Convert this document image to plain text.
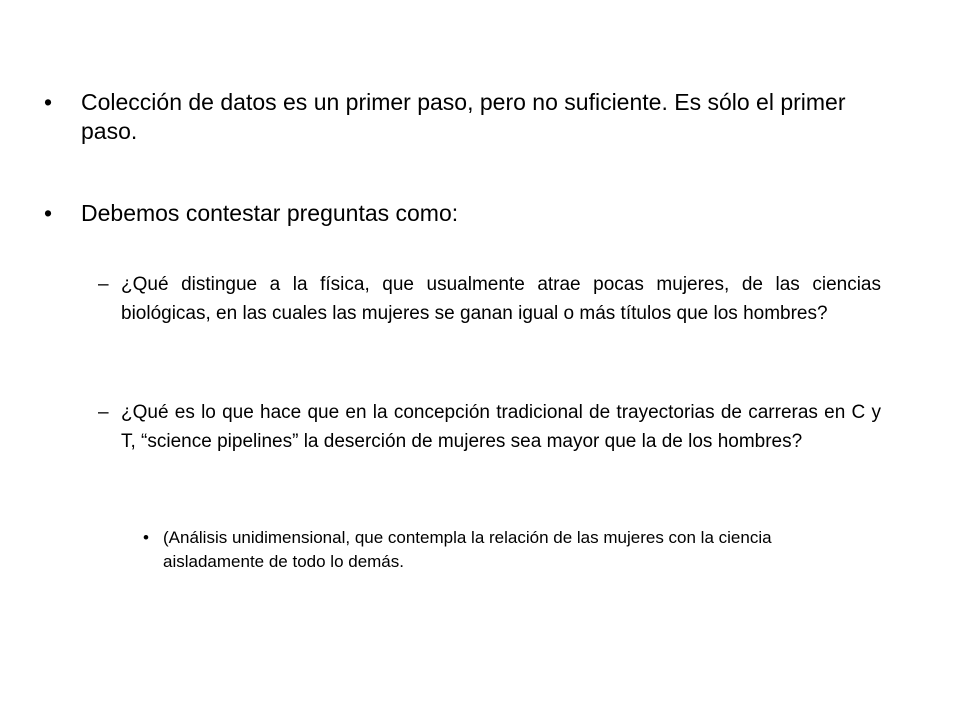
•	Colección de datos es un primer paso, pero no suficiente. Es sólo el primer paso.
•	Debemos contestar preguntas como:
– ¿Qué distingue a la física, que usualmente atrae pocas mujeres, de las ciencias biológicas, en las cuales las mujeres se ganan igual o más títulos que los hombres?
– ¿Qué es lo que hace que en la concepción tradicional de trayectorias de carreras en C y T, “science pipelines” la deserción de mujeres sea mayor que la de los hombres?
• (Análisis unidimensional, que contempla la relación de las mujeres con la ciencia aisladamente de todo lo demás.
